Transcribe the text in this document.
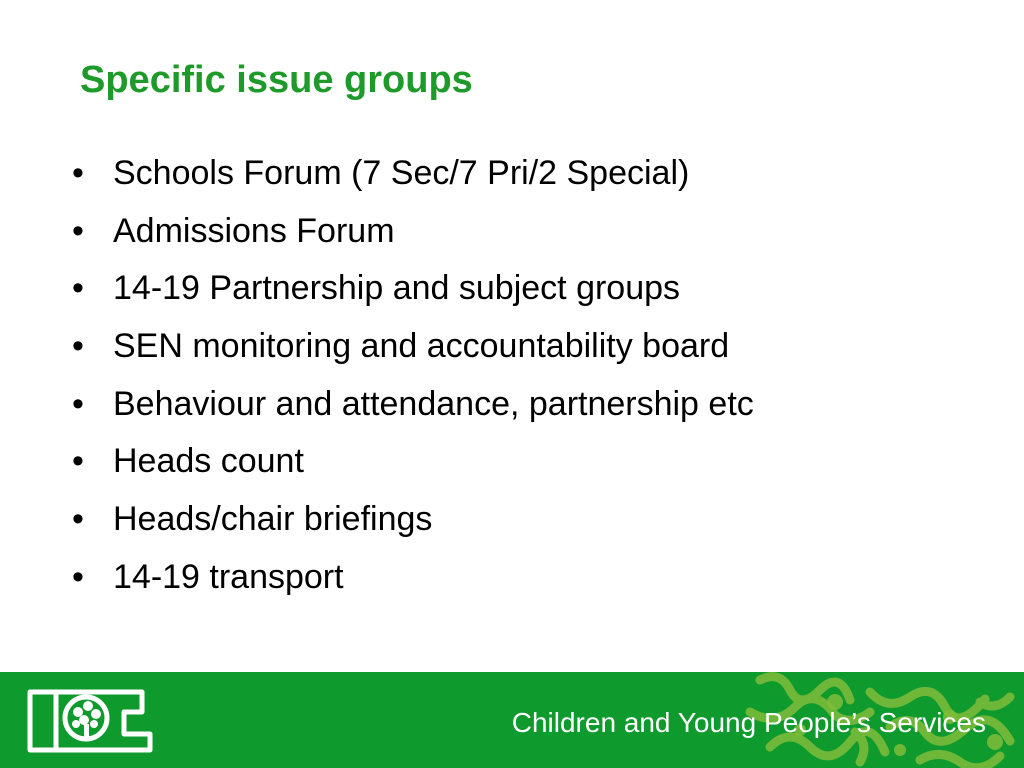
Specific issue groups
• Schools Forum (7 Sec/7 Pri/2 Special)
• Admissions Forum
• 14-19 Partnership and subject groups
• SEN monitoring and accountability board
• Behaviour and attendance, partnership etc
• Heads count
• Heads/chair briefings
• 14-19 transport
Children and Young People’s Services
